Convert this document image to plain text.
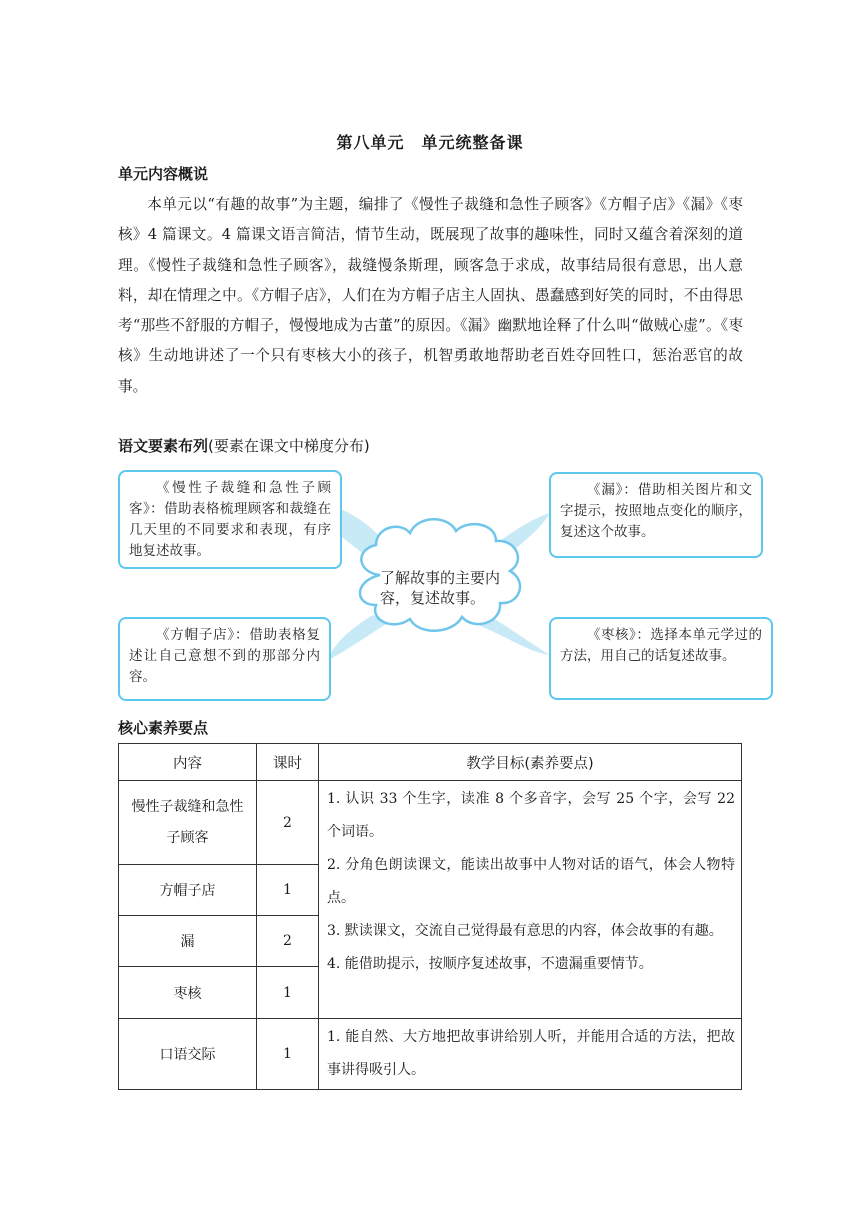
第八单元　单元统整备课
单元内容概说
本单元以“有趣的故事”为主题，编排了《慢性子裁缝和急性子顾客》《方帽子店》《漏》《枣核》4 篇课文。4 篇课文语言简洁，情节生动，既展现了故事的趣味性，同时又蕴含着深刻的道理。《慢性子裁缝和急性子顾客》，裁缝慢条斯理，顾客急于求成，故事结局很有意思，出人意料，却在情理之中。《方帽子店》，人们在为方帽子店主人固执、愚蠢感到好笑的同时，不由得思考“那些不舒服的方帽子，慢慢地成为古董”的原因。《漏》幽默地诠释了什么叫“做贼心虚”。《枣核》生动地讲述了一个只有枣核大小的孩子，机智勇敢地帮助老百姓夺回牲口，惩治恶官的故事。
语文要素布列(要素在课文中梯度分布)
了解故事的主要内容，复述故事。
《慢性子裁缝和急性子顾客》：借助表格梳理顾客和裁缝在几天里的不同要求和表现，有序地复述故事。
《漏》：借助相关图片和文字提示，按照地点变化的顺序，复述这个故事。
《方帽子店》：借助表格复述让自己意想不到的那部分内容。
《枣核》：选择本单元学过的方法，用自己的话复述故事。
核心素养要点
内容	课时	教学目标(素养要点)
慢性子裁缝和急性子顾客	2	1. 认识 33 个生字，读准 8 个多音字，会写 25 个字，会写 22 个词语。

2. 分角色朗读课文，能读出故事中人物对话的语气，体会人物特点。

3. 默读课文，交流自己觉得最有意思的内容，体会故事的有趣。

4. 能借助提示，按顺序复述故事，不遗漏重要情节。

方帽子店	1	
漏	2	
枣核	1	
口语交际	1	1. 能自然、大方地把故事讲给别人听，并能用合适的方法，把故事讲得吸引人。
